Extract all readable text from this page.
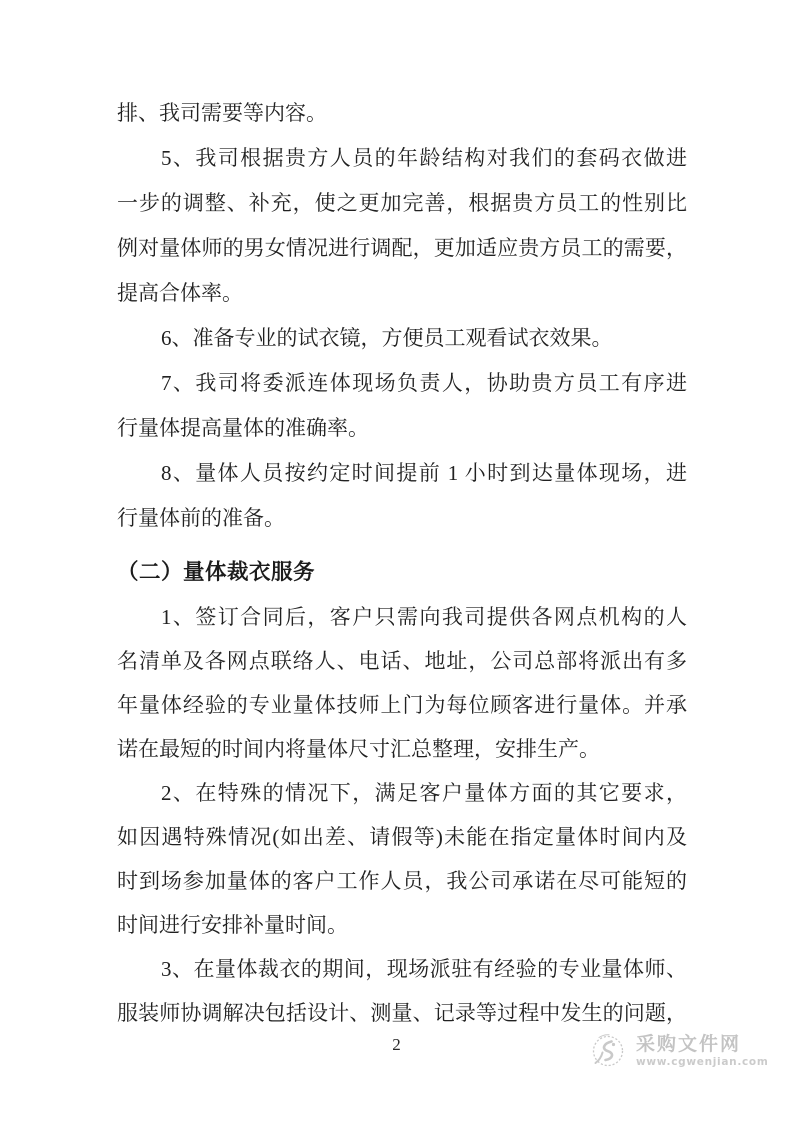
排、我司需要等内容。
5、我司根据贵方人员的年龄结构对我们的套码衣做进
一步的调整、补充，使之更加完善，根据贵方员工的性别比
例对量体师的男女情况进行调配，更加适应贵方员工的需要，
提高合体率。
6、准备专业的试衣镜，方便员工观看试衣效果。
7、我司将委派连体现场负责人，协助贵方员工有序进
行量体提高量体的准确率。
8、量体人员按约定时间提前 1 小时到达量体现场，进
行量体前的准备。
（二）量体裁衣服务
1、签订合同后，客户只需向我司提供各网点机构的人
名清单及各网点联络人、电话、地址，公司总部将派出有多
年量体经验的专业量体技师上门为每位顾客进行量体。并承
诺在最短的时间内将量体尺寸汇总整理，安排生产。
2、在特殊的情况下，满足客户量体方面的其它要求，
如因遇特殊情况(如出差、请假等)未能在指定量体时间内及
时到场参加量体的客户工作人员，我公司承诺在尽可能短的
时间进行安排补量时间。
3、在量体裁衣的期间，现场派驻有经验的专业量体师、
服装师协调解决包括设计、测量、记录等过程中发生的问题，
2	采购文件网
www.cgwenjian.com
